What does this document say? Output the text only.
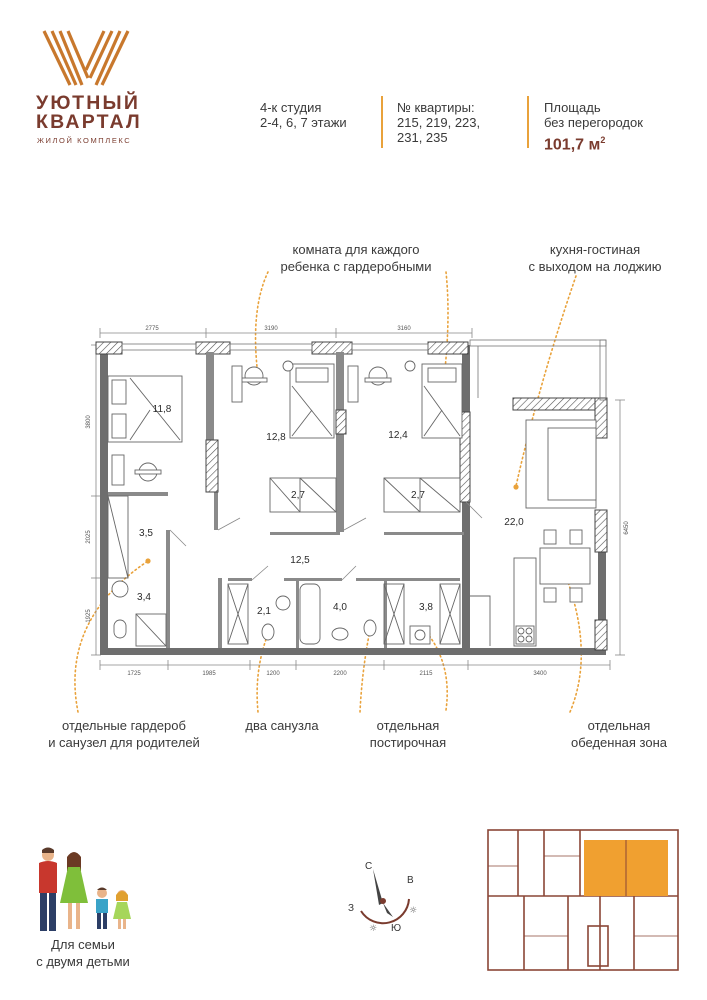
УЮТНЫЙ
КВАРТАЛ
ЖИЛОЙ КОМПЛЕКС
4-к студия
2-4, 6, 7 этажи
№ квартиры:
215, 219, 223,
231, 235
Площадь
без перегородок
101,7 $м^2$
комната для каждого
ребенка с гардеробными
кухня-гостиная
с выходом на лоджию
отдельные гардероб
и санузел для родителей
два санузла	отдельная
постирочная
отдельная
обеденная зона
2775	3190	3160
1725	1985	1200	2200	2115	3400
3800
2025
1925
6450
11,8
12,8	12,4
2,7	2,7
22,0
3,5
3,4
12,5
2,1	4,0	3,8
Для семьи
с двумя детьми
С
В
Ю
З
☼
☼
